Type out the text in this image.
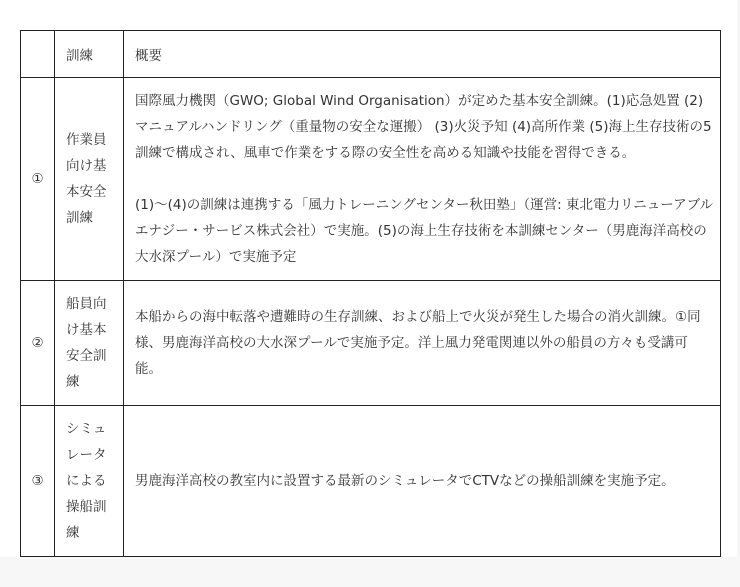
	訓練	概要
①	作業員向け基本安全訓練	国際風力機関（GWO; Global Wind Organisation）が定めた基本安全訓練。(1)応急処置 (2)マニュアルハンドリング（重量物の安全な運搬） (3)火災予知 (4)高所作業 (5)海上生存技術の5訓練で構成され、風車で作業をする際の安全性を高める知識や技能を習得できる。

(1)～(4)の訓練は連携する「風力トレーニングセンター秋田塾」（運営: 東北電力リニューアブルエナジー・サービス株式会社）で実施。(5)の海上生存技術を本訓練センター（男鹿海洋高校の大水深プール）で実施予定

②	船員向け基本安全訓練	本船からの海中転落や遭難時の生存訓練、および船上で火災が発生した場合の消火訓練。①同様、男鹿海洋高校の大水深プールで実施予定。洋上風力発電関連以外の船員の方々も受講可能。

③	シミュレータによる操船訓練	男鹿海洋高校の教室内に設置する最新のシミュレータでCTVなどの操船訓練を実施予定。
